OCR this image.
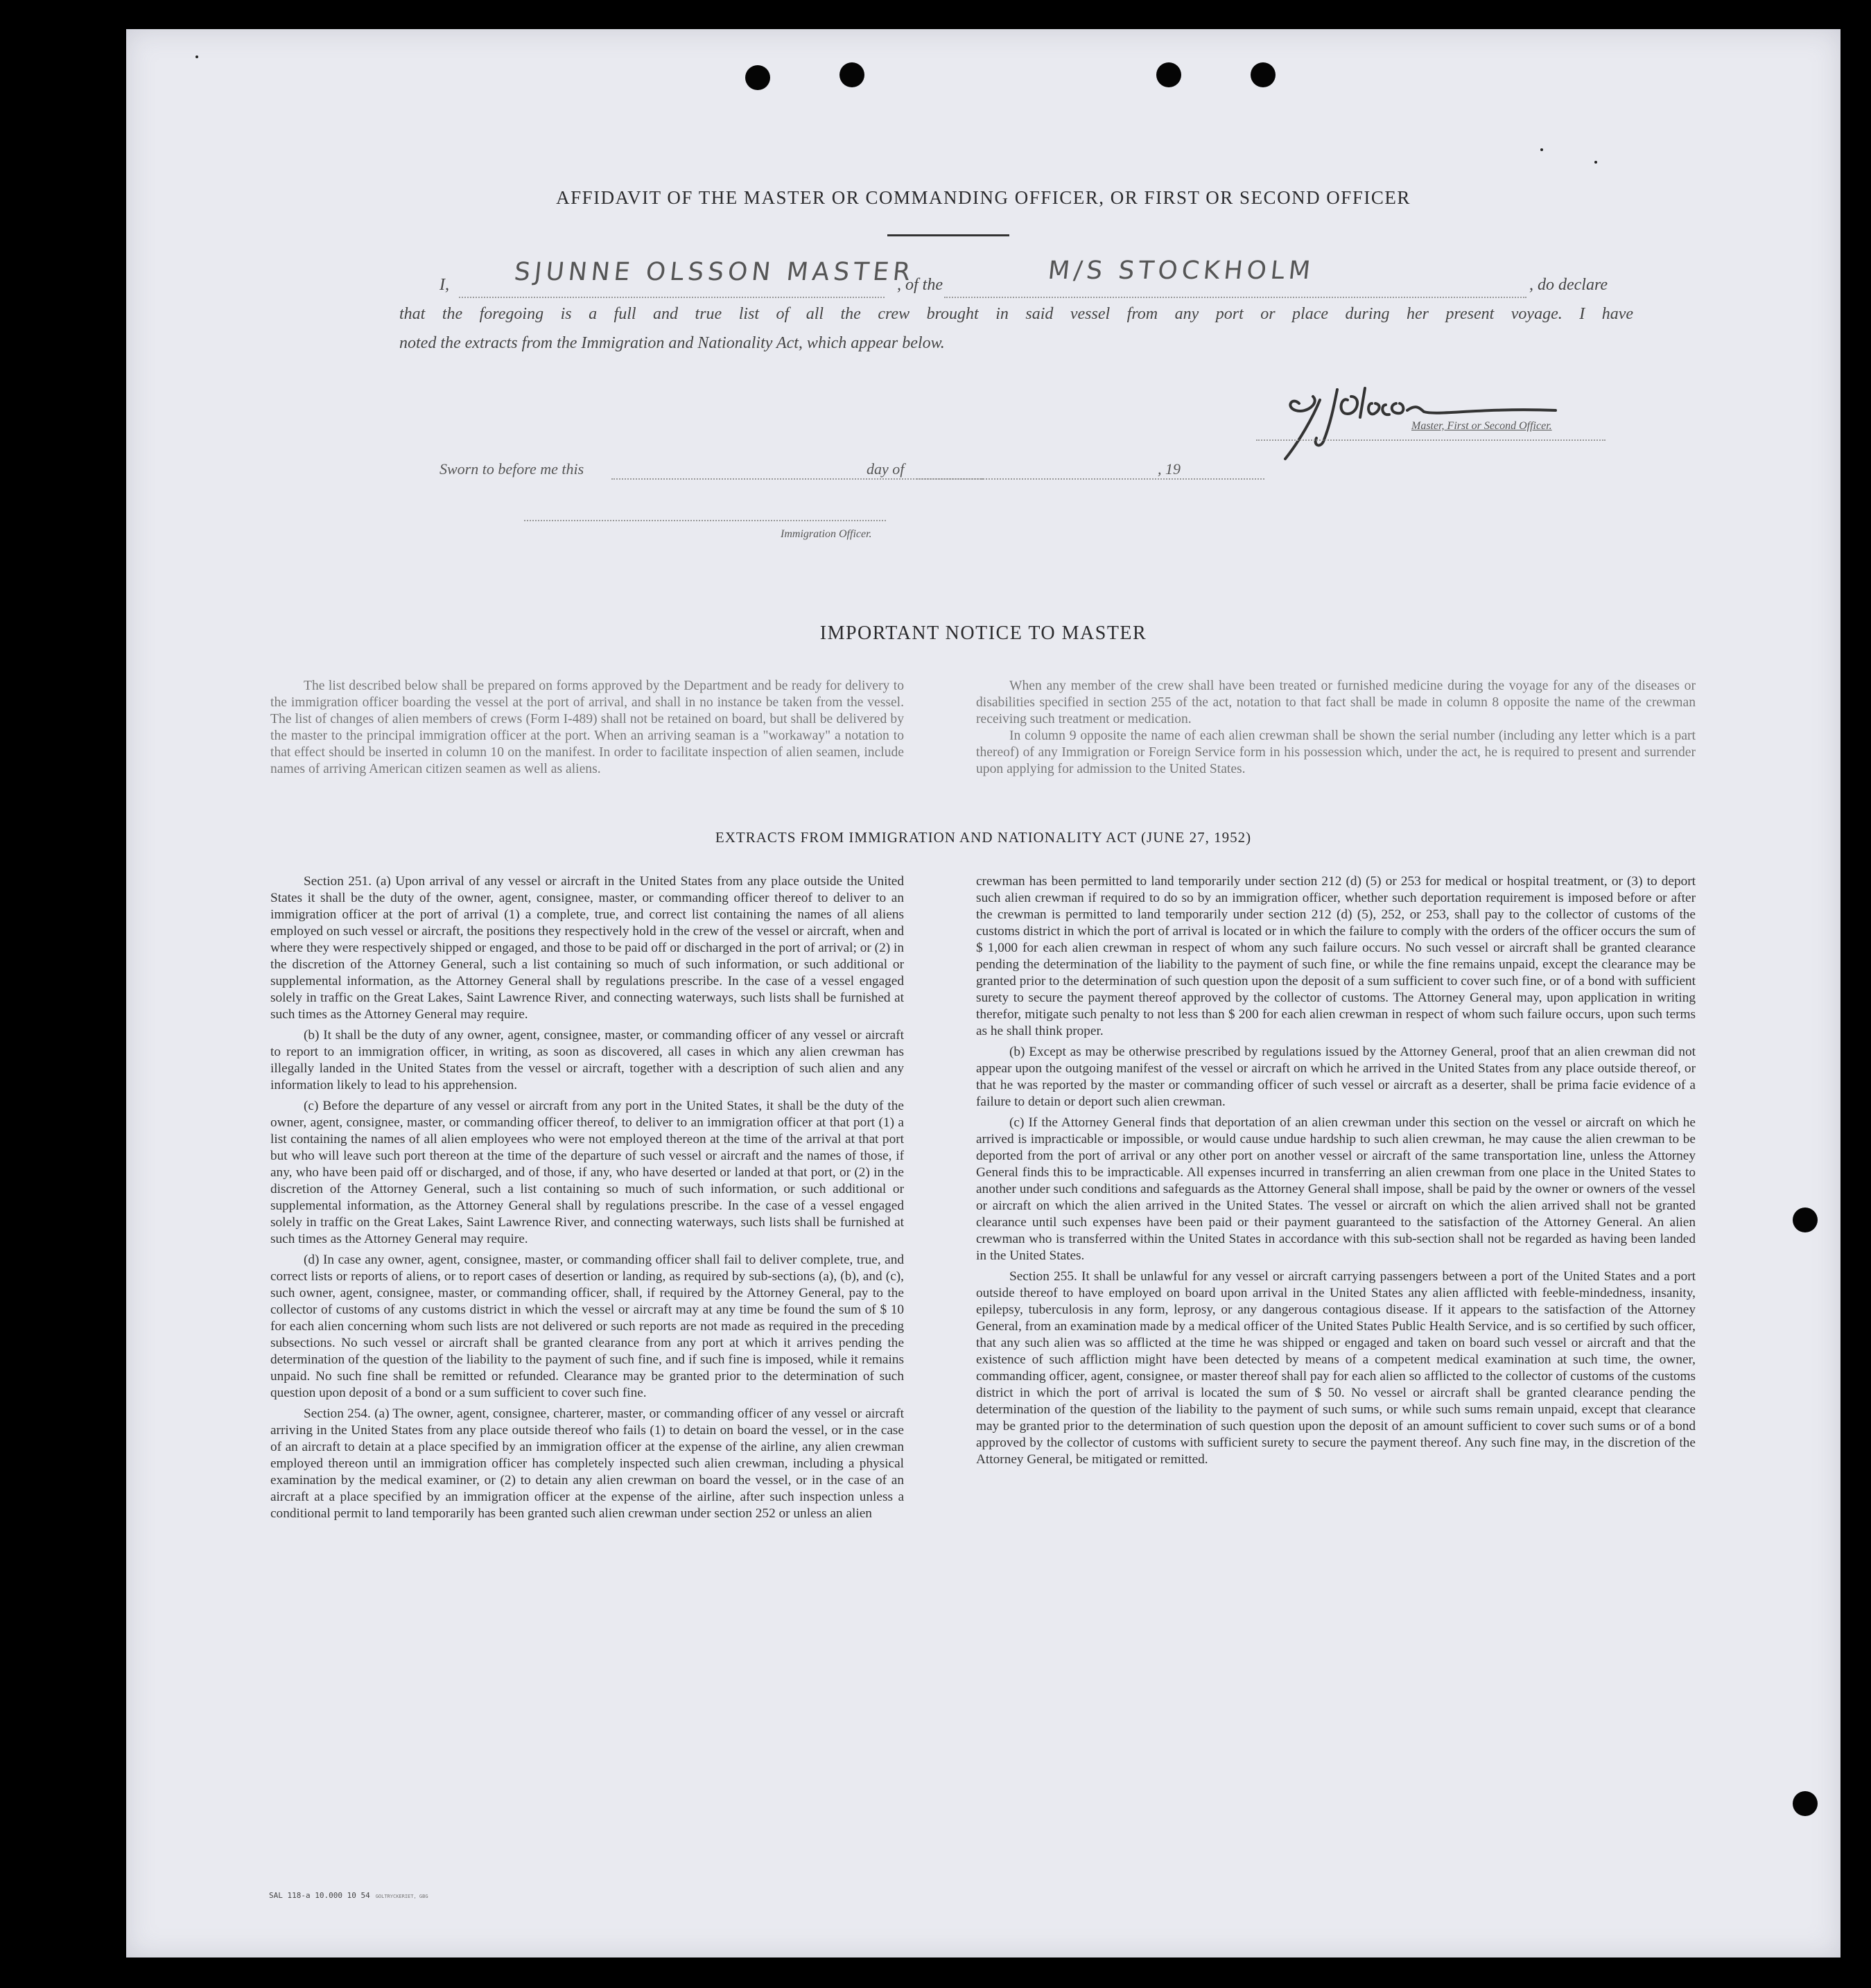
AFFIDAVIT OF THE MASTER OR COMMANDING OFFICER, OR FIRST OR SECOND OFFICER
I,	SJUNNE OLSSON MASTER
, of the	M/S STOCKHOLM	, do declare
that the foregoing is a full and true list of all the crew brought in said vessel from any port or place during her present voyage. I have
noted the extracts from the Immigration and Nationality Act, which appear below.
Master, First or Second Officer.
Sworn to before me this	day of	, 19
Immigration Officer.
IMPORTANT NOTICE TO MASTER

The list described below shall be prepared on forms approved by the Department and be ready for delivery to the immigration officer boarding the vessel at the port of arrival, and shall in no instance be taken from the vessel. The list of changes of alien members of crews (Form I-489) shall not be retained on board, but shall be delivered by the master to the principal immigration officer at the port. When an arriving seaman is a "workaway" a notation to that effect should be inserted in column 10 on the manifest. In order to facilitate inspection of alien seamen, include names of arriving American citizen seamen as well as aliens.

When any member of the crew shall have been treated or furnished medicine during the voyage for any of the diseases or disabilities specified in section 255 of the act, notation to that fact shall be made in column 8 opposite the name of the crewman receiving such treatment or medication.

In column 9 opposite the name of each alien crewman shall be shown the serial number (including any letter which is a part thereof) of any Immigration or Foreign Service form in his possession which, under the act, he is required to present and surrender upon applying for admission to the United States.

EXTRACTS FROM IMMIGRATION AND NATIONALITY ACT (JUNE 27, 1952)

Section 251. (a) Upon arrival of any vessel or aircraft in the United States from any place outside the United States it shall be the duty of the owner, agent, consignee, master, or commanding officer thereof to deliver to an immigration officer at the port of arrival (1) a complete, true, and correct list containing the names of all aliens employed on such vessel or aircraft, the positions they respectively hold in the crew of the vessel or aircraft, when and where they were respectively shipped or engaged, and those to be paid off or discharged in the port of arrival; or (2) in the discretion of the Attorney General, such a list containing so much of such information, or such additional or supplemental information, as the Attorney General shall by regulations prescribe. In the case of a vessel engaged solely in traffic on the Great Lakes, Saint Lawrence River, and connecting waterways, such lists shall be furnished at such times as the Attorney General may require.

(b) It shall be the duty of any owner, agent, consignee, master, or commanding officer of any vessel or aircraft to report to an immigration officer, in writing, as soon as discovered, all cases in which any alien crewman has illegally landed in the United States from the vessel or aircraft, together with a description of such alien and any information likely to lead to his apprehension.

(c) Before the departure of any vessel or aircraft from any port in the United States, it shall be the duty of the owner, agent, consignee, master, or commanding officer thereof, to deliver to an immigration officer at that port (1) a list containing the names of all alien employees who were not employed thereon at the time of the arrival at that port but who will leave such port thereon at the time of the departure of such vessel or aircraft and the names of those, if any, who have been paid off or discharged, and of those, if any, who have deserted or landed at that port, or (2) in the discretion of the Attorney General, such a list containing so much of such information, or such additional or supplemental information, as the Attorney General shall by regulations prescribe. In the case of a vessel engaged solely in traffic on the Great Lakes, Saint Lawrence River, and connecting waterways, such lists shall be furnished at such times as the Attorney General may require.

(d) In case any owner, agent, consignee, master, or commanding officer shall fail to deliver complete, true, and correct lists or reports of aliens, or to report cases of desertion or landing, as required by sub-sections (a), (b), and (c), such owner, agent, consignee, master, or commanding officer, shall, if required by the Attorney General, pay to the collector of customs of any customs district in which the vessel or aircraft may at any time be found the sum of $ 10 for each alien concerning whom such lists are not delivered or such reports are not made as required in the preceding subsections. No such vessel or aircraft shall be granted clearance from any port at which it arrives pending the determination of the question of the liability to the payment of such fine, and if such fine is imposed, while it remains unpaid. No such fine shall be remitted or refunded. Clearance may be granted prior to the determination of such question upon deposit of a bond or a sum sufficient to cover such fine.

Section 254. (a) The owner, agent, consignee, charterer, master, or commanding officer of any vessel or aircraft arriving in the United States from any place outside thereof who fails (1) to detain on board the vessel, or in the case of an aircraft to detain at a place specified by an immigration officer at the expense of the airline, any alien crewman employed thereon until an immigration officer has completely inspected such alien crewman, including a physical examination by the medical examiner, or (2) to detain any alien crewman on board the vessel, or in the case of an aircraft at a place specified by an immigration officer at the expense of the airline, after such inspection unless a conditional permit to land temporarily has been granted such alien crewman under section 252 or unless an alien

crewman has been permitted to land temporarily under section 212 (d) (5) or 253 for medical or hospital treatment, or (3) to deport such alien crewman if required to do so by an immigration officer, whether such deportation requirement is imposed before or after the crewman is permitted to land temporarily under section 212 (d) (5), 252, or 253, shall pay to the collector of customs of the customs district in which the port of arrival is located or in which the failure to comply with the orders of the officer occurs the sum of $ 1,000 for each alien crewman in respect of whom any such failure occurs. No such vessel or aircraft shall be granted clearance pending the determination of the liability to the payment of such fine, or while the fine remains unpaid, except the clearance may be granted prior to the determination of such question upon the deposit of a sum sufficient to cover such fine, or of a bond with sufficient surety to secure the payment thereof approved by the collector of customs. The Attorney General may, upon application in writing therefor, mitigate such penalty to not less than $ 200 for each alien crewman in respect of whom such failure occurs, upon such terms as he shall think proper.

(b) Except as may be otherwise prescribed by regulations issued by the Attorney General, proof that an alien crewman did not appear upon the outgoing manifest of the vessel or aircraft on which he arrived in the United States from any place outside thereof, or that he was reported by the master or commanding officer of such vessel or aircraft as a deserter, shall be prima facie evidence of a failure to detain or deport such alien crewman.

(c) If the Attorney General finds that deportation of an alien crewman under this section on the vessel or aircraft on which he arrived is impracticable or impossible, or would cause undue hardship to such alien crewman, he may cause the alien crewman to be deported from the port of arrival or any other port on another vessel or aircraft of the same transportation line, unless the Attorney General finds this to be impracticable. All expenses incurred in transferring an alien crewman from one place in the United States to another under such conditions and safeguards as the Attorney General shall impose, shall be paid by the owner or owners of the vessel or aircraft on which the alien arrived in the United States. The vessel or aircraft on which the alien arrived shall not be granted clearance until such expenses have been paid or their payment guaranteed to the satisfaction of the Attorney General. An alien crewman who is transferred within the United States in accordance with this sub-section shall not be regarded as having been landed in the United States.

Section 255. It shall be unlawful for any vessel or aircraft carrying passengers between a port of the United States and a port outside thereof to have employed on board upon arrival in the United States any alien afflicted with feeble-mindedness, insanity, epilepsy, tuberculosis in any form, leprosy, or any dangerous contagious disease. If it appears to the satisfaction of the Attorney General, from an examination made by a medical officer of the United States Public Health Service, and is so certified by such officer, that any such alien was so afflicted at the time he was shipped or engaged and taken on board such vessel or aircraft and that the existence of such affliction might have been detected by means of a competent medical examination at such time, the owner, commanding officer, agent, consignee, or master thereof shall pay for each alien so afflicted to the collector of customs of the customs district in which the port of arrival is located the sum of $ 50. No vessel or aircraft shall be granted clearance pending the determination of the question of the liability to the payment of such sums, or while such sums remain unpaid, except that clearance may be granted prior to the determination of such question upon the deposit of an amount sufficient to cover such sums or of a bond approved by the collector of customs with sufficient surety to secure the payment thereof. Any such fine may, in the discretion of the Attorney General, be mitigated or remitted.

SAL 118-a 10.000 10 54 GOLTRYCKERIET, GBG
